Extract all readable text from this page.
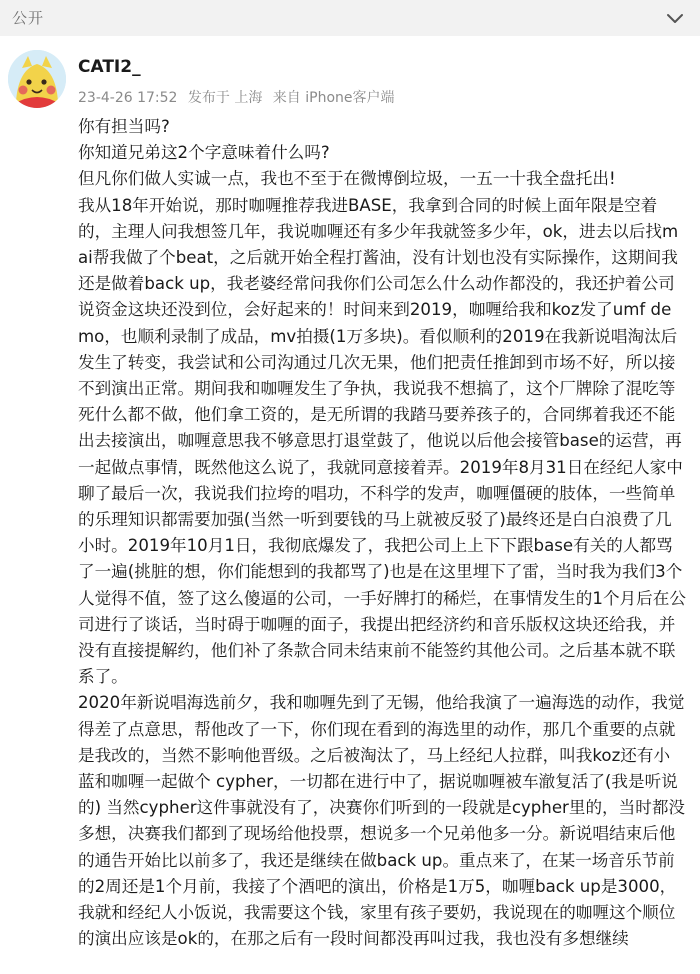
公开
CATI2_
23-4-26 17:52 发布于 上海 来自 iPhone客户端

你有担当吗?

你知道兄弟这2个字意味着什么吗?

但凡你们做人实诚一点，我也不至于在微博倒垃圾，一五一十我全盘托出!

我从18年开始说，那时咖喱推荐我进BASE，我拿到合同的时候上面年限是空着的，主理人问我想签几年，我说咖喱还有多少年我就签多少年，ok，进去以后找mai帮我做了个beat，之后就开始全程打酱油，没有计划也没有实际操作，这期间我还是做着back up，我老婆经常问我你们公司怎么什么动作都没的，我还护着公司说资金这块还没到位，会好起来的！时间来到2019，咖喱给我和koz发了umf demo，也顺利录制了成品，mv拍摄(1万多块)。看似顺利的2019在我新说唱淘汰后发生了转变，我尝试和公司沟通过几次无果，他们把责任推卸到市场不好，所以接不到演出正常。期间我和咖喱发生了争执，我说我不想搞了，这个厂牌除了混吃等死什么都不做，他们拿工资的，是无所谓的我踏马要养孩子的，合同绑着我还不能出去接演出，咖喱意思我不够意思打退堂鼓了，他说以后他会接管base的运营，再一起做点事情，既然他这么说了，我就同意接着弄。2019年8月31日在经纪人家中聊了最后一次，我说我们拉垮的唱功，不科学的发声，咖喱僵硬的肢体，一些简单的乐理知识都需要加强(当然一听到要钱的马上就被反驳了)最终还是白白浪费了几小时。2019年10月1日，我彻底爆发了，我把公司上上下下跟base有关的人都骂了一遍(挑脏的想，你们能想到的我都骂了)也是在这里埋下了雷，当时我为我们3个人觉得不值，签了这么傻逼的公司，一手好牌打的稀烂，在事情发生的1个月后在公司进行了谈话，当时碍于咖喱的面子，我提出把经济约和音乐版权这块还给我，并没有直接提解约，他们补了条款合同未结束前不能签约其他公司。之后基本就不联系了。

2020年新说唱海选前夕，我和咖喱先到了无锡，他给我演了一遍海选的动作，我觉得差了点意思，帮他改了一下，你们现在看到的海选里的动作，那几个重要的点就是我改的，当然不影响他晋级。之后被淘汰了，马上经纪人拉群，叫我koz还有小蓝和咖喱一起做个 cypher，一切都在进行中了，据说咖喱被车澈复活了(我是听说的) 当然cypher这件事就没有了，决赛你们听到的一段就是cypher里的，当时都没多想，决赛我们都到了现场给他投票，想说多一个兄弟他多一分。新说唱结束后他的通告开始比以前多了，我还是继续在做back up。重点来了，在某一场音乐节前的2周还是1个月前，我接了个酒吧的演出，价格是1万5，咖喱back up是3000，我就和经纪人小饭说，我需要这个钱，家里有孩子要奶，我说现在的咖喱这个顺位的演出应该是ok的，在那之后有一段时间都没再叫过我，我也没有多想继续
